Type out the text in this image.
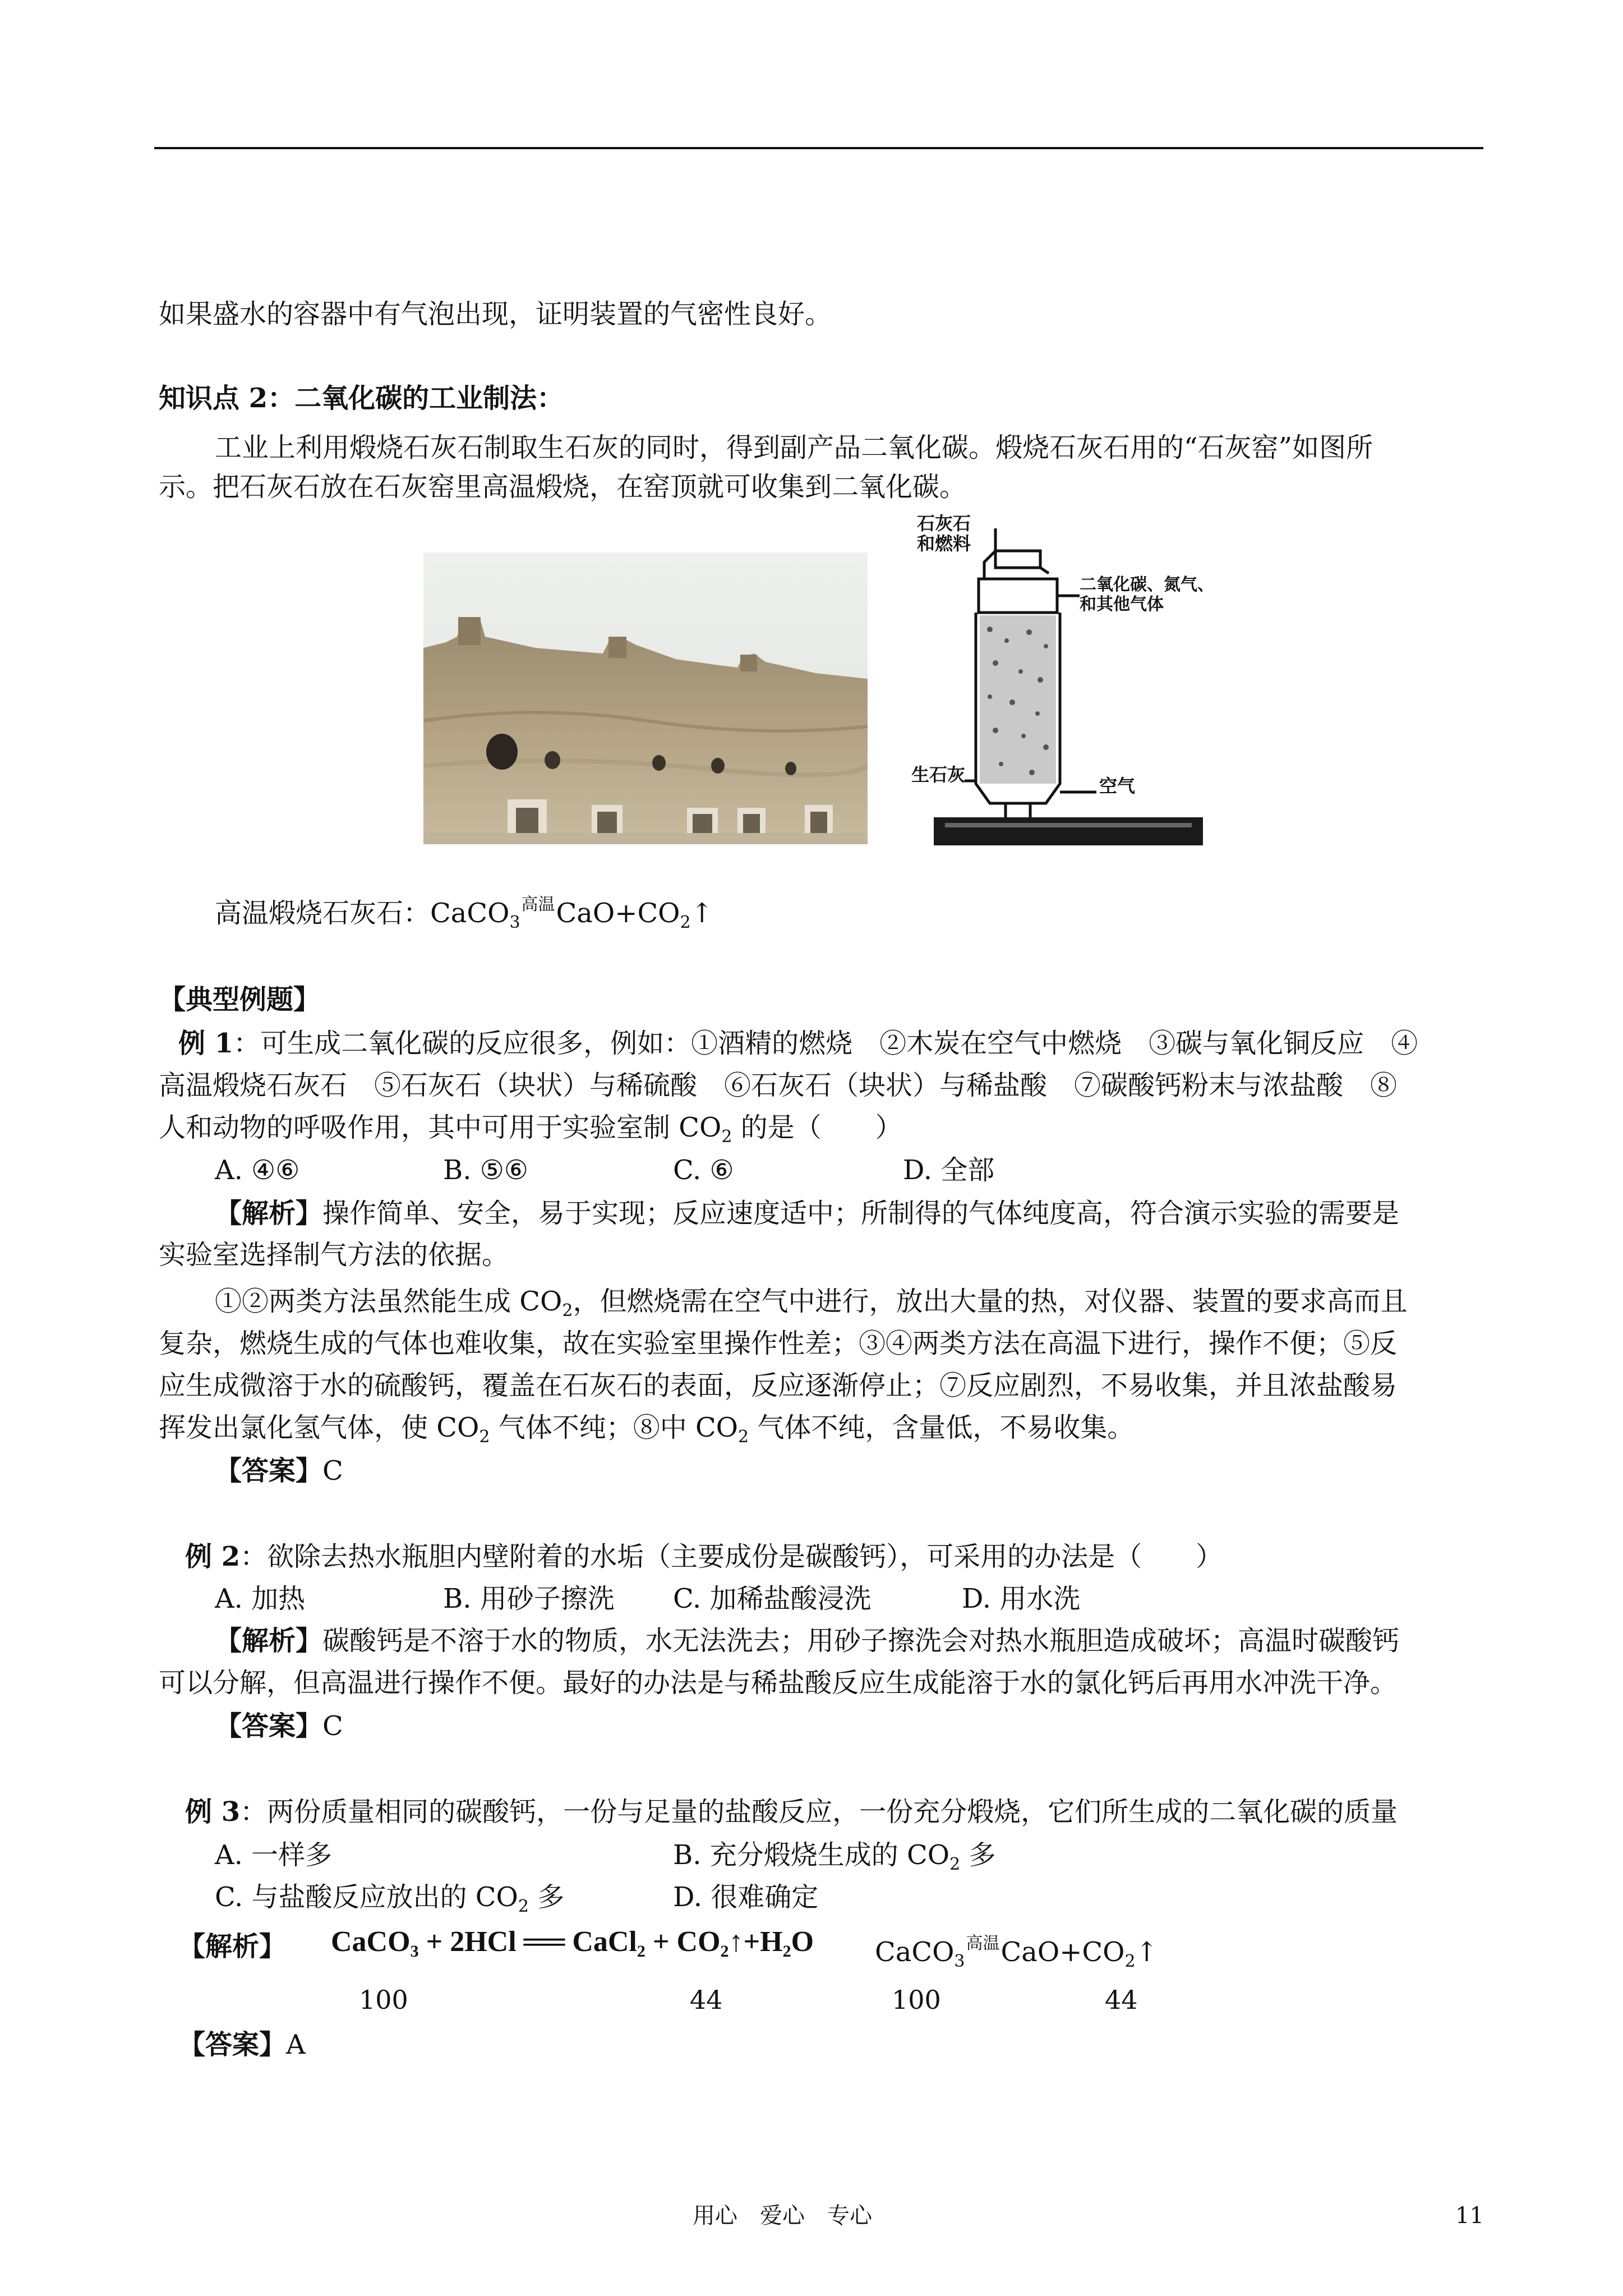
如果盛水的容器中有气泡出现，证明装置的气密性良好。
知识点 2：二氧化碳的工业制法：
工业上利用煅烧石灰石制取生石灰的同时，得到副产品二氧化碳。煅烧石灰石用的“石灰窑”如图所
示。把石灰石放在石灰窑里高温煅烧，在窑顶就可收集到二氧化碳。
石灰石
和燃料
二氧化碳、氮气、
和其他气体
生石灰
空气
高温煅烧石灰石：CaCO$_3$高温$CaO+CO_2↑$
【典型例题】
例 1：可生成二氧化碳的反应很多，例如：①酒精的燃烧　②木炭在空气中燃烧　③碳与氧化铜反应　④
高温煅烧石灰石　⑤石灰石（块状）与稀硫酸　⑥石灰石（块状）与稀盐酸　⑦碳酸钙粉末与浓盐酸　⑧
人和动物的呼吸作用，其中可用于实验室制 $CO_2$ 的是（　　）
A. ④⑥	B. ⑤⑥	C. ⑥	D. 全部
【解析】操作简单、安全，易于实现；反应速度适中；所制得的气体纯度高，符合演示实验的需要是
实验室选择制气方法的依据。
①②两类方法虽然能生成 $CO_2$，但燃烧需在空气中进行，放出大量的热，对仪器、装置的要求高而且
复杂，燃烧生成的气体也难收集，故在实验室里操作性差；③④两类方法在高温下进行，操作不便；⑤反
应生成微溶于水的硫酸钙，覆盖在石灰石的表面，反应逐渐停止；⑦反应剧烈，不易收集，并且浓盐酸易
挥发出氯化氢气体，使 $CO_2$ 气体不纯；⑧中 $CO_2$ 气体不纯，含量低，不易收集。
【答案】C
例 2：欲除去热水瓶胆内壁附着的水垢（主要成份是碳酸钙），可采用的办法是（　　）
A. 加热	B. 用砂子擦洗 C. 加稀盐酸浸洗	D. 用水洗
【解析】碳酸钙是不溶于水的物质，水无法洗去；用砂子擦洗会对热水瓶胆造成破坏；高温时碳酸钙
可以分解，但高温进行操作不便。最好的办法是与稀盐酸反应生成能溶于水的氯化钙后再用水冲洗干净。
【答案】C
例 3：两份质量相同的碳酸钙，一份与足量的盐酸反应，一份充分煅烧，它们所生成的二氧化碳的质量
A. 一样多	B. 充分煅烧生成的 $CO_2$ 多
C. 与盐酸反应放出的 $CO_2$ 多	D. 很难确定
【解析】 CaCO$_3$ + 2HCl ══ CaCl$_2$ + $CO_2↑+H_2O$ CaCO$_3$高温$CaO+CO_2↑$
100	44	100	44
【答案】A
用心　爱心　专心	11
